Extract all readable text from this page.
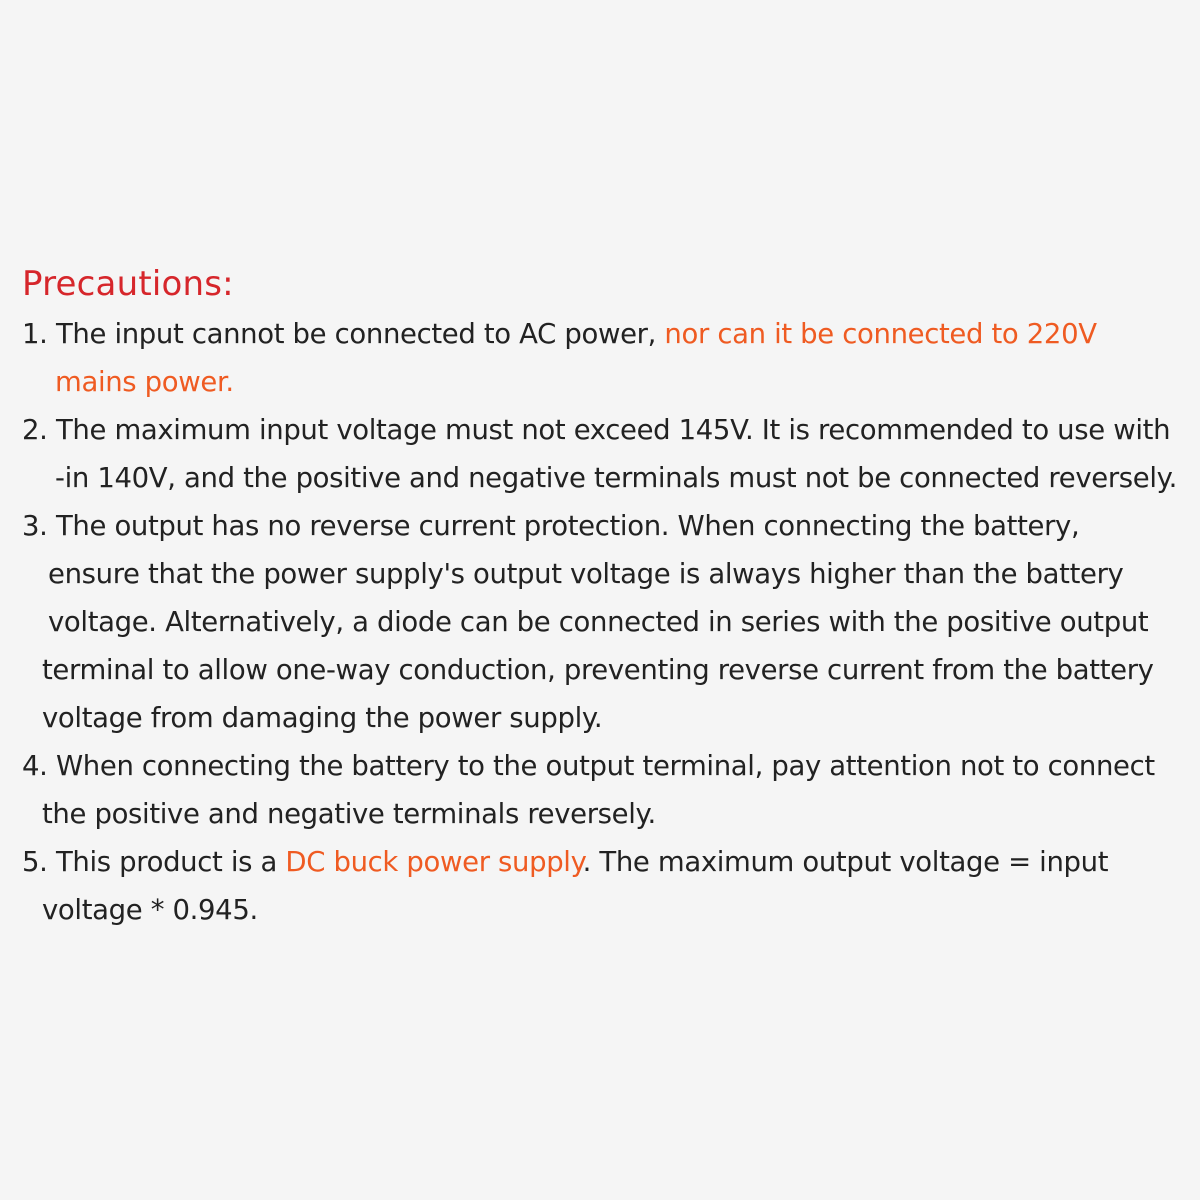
Precautions:
1. The input cannot be connected to AC power, nor can it be connected to 220V
mains power.
2. The maximum input voltage must not exceed 145V. It is recommended to use with
-in 140V, and the positive and negative terminals must not be connected reversely.
3. The output has no reverse current protection. When connecting the battery,
ensure that the power supply's output voltage is always higher than the battery
voltage. Alternatively, a diode can be connected in series with the positive output
terminal to allow one-way conduction, preventing reverse current from the battery
voltage from damaging the power supply.
4. When connecting the battery to the output terminal, pay attention not to connect
the positive and negative terminals reversely.
5. This product is a DC buck power supply. The maximum output voltage = input
voltage * 0.945.
